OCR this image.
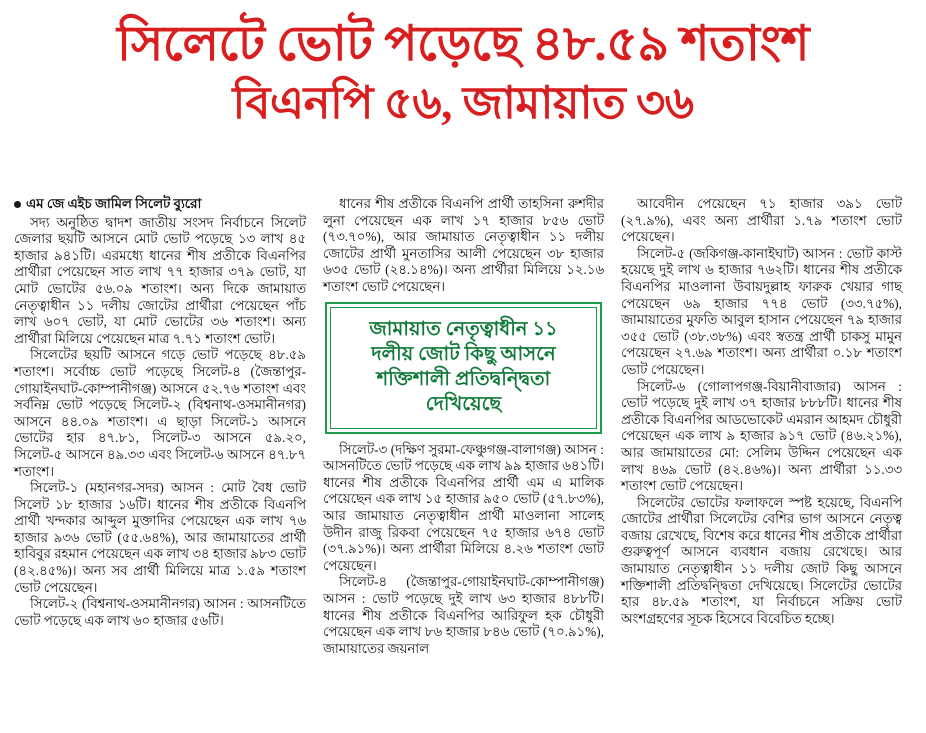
সিলেটে ভোট পড়েছে ৪৮.৫৯ শতাংশ
বিএনপি ৫৬, জামায়াত ৩৬

এম জে এইচ জামিল সিলেট ব্যুরো

সদ্য অনুষ্ঠিত দ্বাদশ জাতীয় সংসদ নির্বাচনে সিলেট জেলার ছয়টি আসনে মোট ভোট পড়েছে ১৩ লাখ ৪৫ হাজার ৯৪১টি। এরমধ্যে ধানের শীষ প্রতীকে বিএনপির প্রার্থীরা পেয়েছেন সাত লাখ ৭৭ হাজার ৩৭৯ ভোট, যা মোট ভোটের ৫৬.০৯ শতাংশ। অন্য দিকে জামায়াত নেতৃত্বাধীন ১১ দলীয় জোটের প্রার্থীরা পেয়েছেন পাঁচ লাখ ৬০৭ ভোট, যা মোট ভোটের ৩৬ শতাংশ। অন্য প্রার্থীরা মিলিয়ে পেয়েছেন মাত্র ৭.৭১ শতাংশ ভোট।

সিলেটের ছয়টি আসনে গড়ে ভোট পড়েছে ৪৮.৫৯ শতাংশ। সর্বোচ্চ ভোট পড়েছে সিলেট-৪ (জৈন্তাপুর-গোয়াইনঘাট-কোম্পানীগঞ্জ) আসনে ৫২.৭৬ শতাংশ এবং সর্বনিম্ন ভোট পড়েছে সিলেট-২ (বিশ্বনাথ-ওসমানীনগর) আসনে ৪৪.০৯ শতাংশ। এ ছাড়া সিলেট-১ আসনে ভোটের হার ৪৭.৮১, সিলেট-৩ আসনে ৫৯.২০, সিলেট-৫ আসনে ৪৯.৩৩ এবং সিলেট-৬ আসনে ৪৭.৮৭ শতাংশ।

সিলেট-১ (মহানগর-সদর) আসন : মোট বৈধ ভোট সিলেট ১৮ হাজার ১৬টি। ধানের শীষ প্রতীকে বিএনপি প্রার্থী খন্দকার আব্দুল মুক্তাদির পেয়েছেন এক লাখ ৭৬ হাজার ৯৩৬ ভোট (৫৫.৬৪%), আর জামায়াতের প্রার্থী হাবিবুর রহমান পেয়েছেন এক লাখ ৩৪ হাজার ৯৮৩ ভোট (৪২.৪৫%)। অন্য সব প্রার্থী মিলিয়ে মাত্র ১.৫৯ শতাংশ ভোট পেয়েছেন।

সিলেট-২ (বিশ্বনাথ-ওসমানীনগর) আসন : আসনটিতে ভোট পড়েছে এক লাখ ৬০ হাজার ৫৬টি।

ধানের শীষ প্রতীকে বিএনপি প্রার্থী তাহসিনা রুশদীর লুনা পেয়েছেন এক লাখ ১৭ হাজার ৮৫৬ ভোট (৭৩.৭০%), আর জামায়াত নেতৃত্বাধীন ১১ দলীয় জোটের প্রার্থী মুনতাসির আলী পেয়েছেন ৩৮ হাজার ৬৩৫ ভোট (২৪.১৪%)। অন্য প্রার্থীরা মিলিয়ে ১২.১৬ শতাংশ ভোট পেয়েছেন।

জামায়াত নেতৃত্বাধীন ১১
দলীয় জোট কিছু আসনে
শক্তিশালী প্রতিদ্বন্দ্বিতা
দেখিয়েছে

সিলেট-৩ (দক্ষিণ সুরমা-ফেঞ্চুগঞ্জ-বালাগঞ্জ) আসন : আসনটিতে ভোট পড়েছে এক লাখ ৯৯ হাজার ৬৪১টি। ধানের শীষ প্রতীকে বিএনপির প্রার্থী এম এ মালিক পেয়েছেন এক লাখ ১৫ হাজার ৯৫০ ভোট (৫৭.৮৩%), আর জামায়াত নেতৃত্বাধীন প্রার্থী মাওলানা সালেহ উদীন রাজু রিকবা পেয়েছেন ৭৫ হাজার ৬৭৪ ভোট (৩৭.৯১%)। অন্য প্রার্থীরা মিলিয়ে ৪.২৬ শতাংশ ভোট পেয়েছেন।

সিলেট-৪ (জৈন্তাপুর-গোয়াইনঘাট-কোম্পানীগঞ্জ) আসন : ভোট পড়েছে দুই লাখ ৬৩ হাজার ৪৮৮টি। ধানের শীষ প্রতীকে বিএনপির আরিফুল হক চৌধুরী পেয়েছেন এক লাখ ৮৬ হাজার ৮৪৬ ভোট (৭০.৯১%), জামায়াতের জয়নাল

আবেদীন পেয়েছেন ৭১ হাজার ৩৯১ ভোট (২৭.৯%), এবং অন্য প্রার্থীরা ১.৭৯ শতাংশ ভোট পেয়েছেন।

সিলেট-৫ (জকিগঞ্জ-কানাইঘাট) আসন : ভোট কাস্ট হয়েছে দুই লাখ ৬ হাজার ৭৬২টি। ধানের শীষ প্রতীকে বিএনপির মাওলানা উবায়দুল্লাহ ফারুক খেয়ার গাছ পেয়েছেন ৬৯ হাজার ৭৭৪ ভোট (৩৩.৭৫%), জামায়াতের মুফতি আবুল হাসান পেয়েছেন ৭৯ হাজার ৩৫৫ ভোট (৩৮.৩৮%) এবং স্বতন্ত্র প্রার্থী চাকসু মামুন পেয়েছেন ২৭.৬৯ শতাংশ। অন্য প্রার্থীরা ০.১৮ শতাংশ ভোট পেয়েছেন।

সিলেট-৬ (গোলাপগঞ্জ-বিয়ানীবাজার) আসন : ভোট পড়েছে দুই লাখ ৩৭ হাজার ৮৮৮টি। ধানের শীষ প্রতীকে বিএনপির আডভোকেট এমরান আহমদ চৌধুরী পেয়েছেন এক লাখ ৯ হাজার ৯১৭ ভোট (৪৬.২১%), আর জামায়াতের মো: সেলিম উদ্দিন পেয়েছেন এক লাখ ৪৬৯ ভোট (৪২.৪৬%)। অন্য প্রার্থীরা ১১.৩৩ শতাংশ ভোট পেয়েছেন।

সিলেটের ভোটের ফলাফলে স্পষ্ট হয়েছে, বিএনপি জোটের প্রার্থীরা সিলেটের বেশির ভাগ আসনে নেতৃত্ব বজায় রেখেছে, বিশেষ করে ধানের শীষ প্রতীকে প্রার্থীরা গুরুত্বপূর্ণ আসনে ব্যবধান বজায় রেখেছে। আর জামায়াত নেতৃত্বাধীন ১১ দলীয় জোট কিছু আসনে শক্তিশালী প্রতিদ্বন্দ্বিতা দেখিয়েছে। সিলেটের ভোটের হার ৪৮.৫৯ শতাংশ, যা নির্বাচনে সক্রিয় ভোট অংশগ্রহণের সূচক হিসেবে বিবেচিত হচ্ছে।
